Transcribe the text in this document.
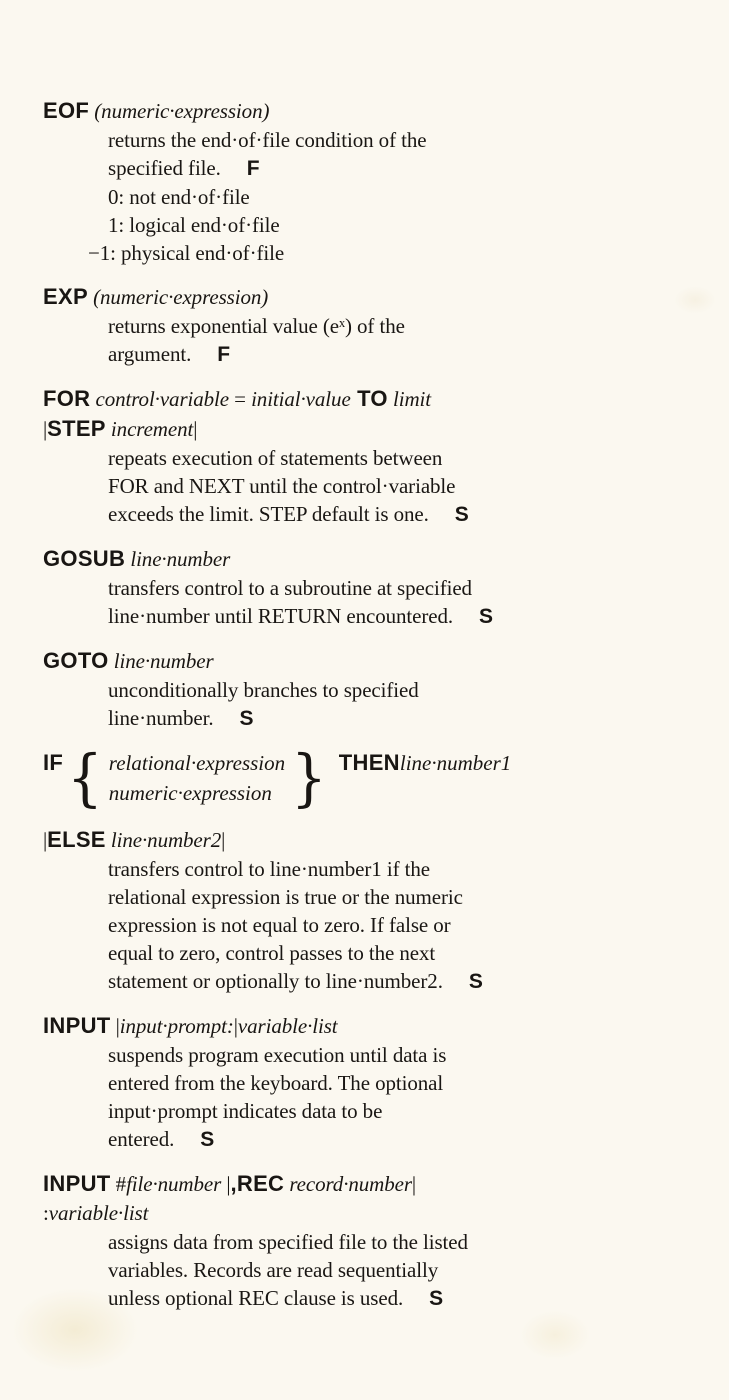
EOF (numeric·expression)
returns the end·of·file condition of the
specified file. F
0: not end·of·file
1: logical end·of·file
−1: physical end·of·file
EXP (numeric·expression)
returns exponential value (eˣ) of the
argument. F
FOR control·variable = initial·value TO limit
|STEP increment|
repeats execution of statements between
FOR and NEXT until the control·variable
exceeds the limit. STEP default is one. S
GOSUB line·number
transfers control to a subroutine at specified
line·number until RETURN encountered. S
GOTO line·number
unconditionally branches to specified
line·number. S
IF { relational·expression
numeric·expression } THEN line·number1
|ELSE line·number2|
transfers control to line·number1 if the
relational expression is true or the numeric
expression is not equal to zero. If false or
equal to zero, control passes to the next
statement or optionally to line·number2. S
INPUT |input·prompt:|variable·list
suspends program execution until data is
entered from the keyboard. The optional
input·prompt indicates data to be
entered. S
INPUT #file·number |,REC record·number|
:variable·list
assigns data from specified file to the listed
variables. Records are read sequentially
unless optional REC clause is used. S
